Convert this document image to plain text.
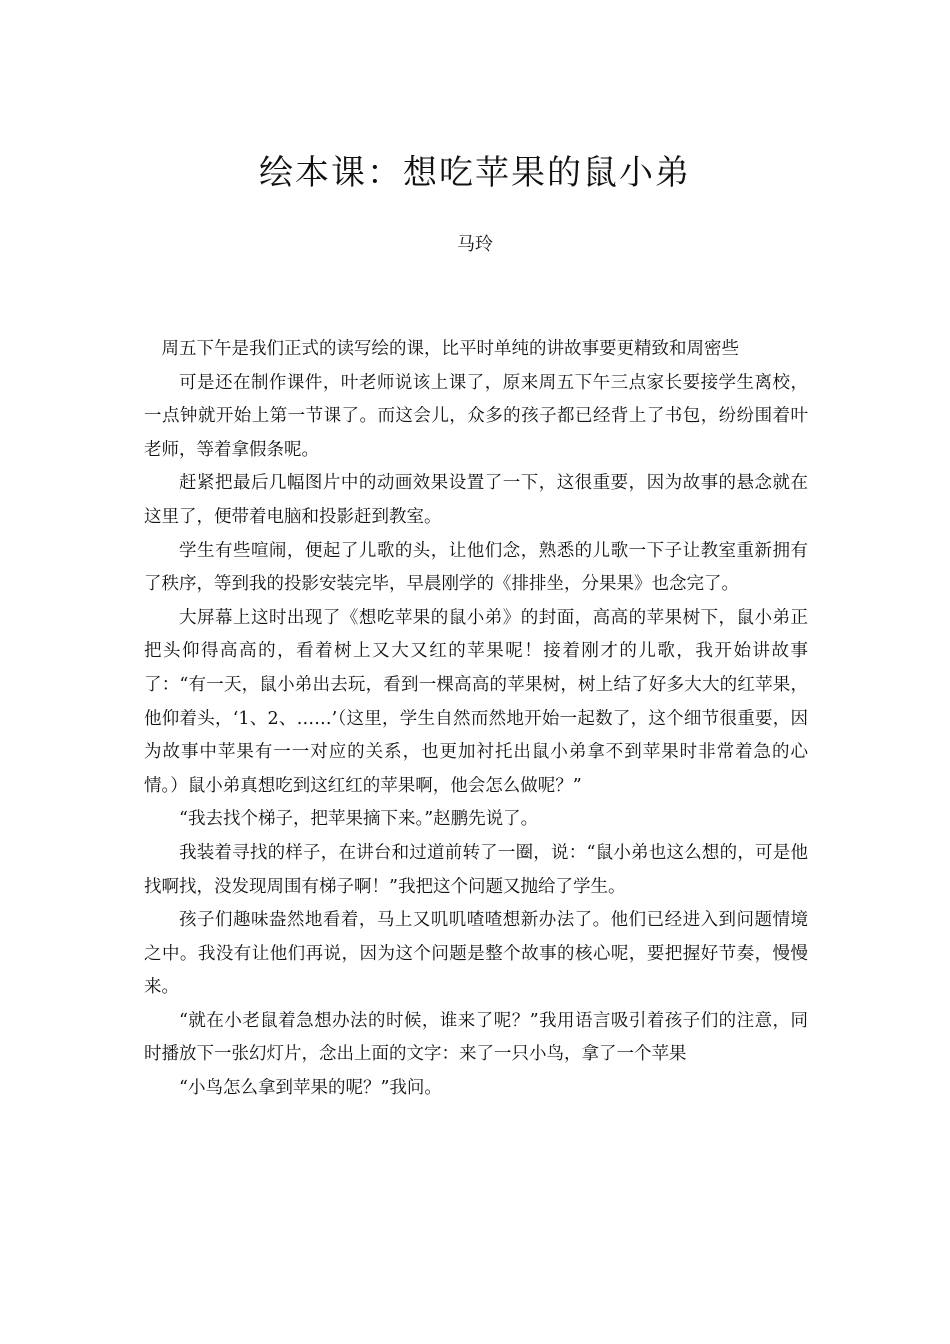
绘本课：想吃苹果的鼠小弟
马玲

周五下午是我们正式的读写绘的课，比平时单纯的讲故事要更精致和周密些

可是还在制作课件，叶老师说该上课了，原来周五下午三点家长要接学生离校，一点钟就开始上第一节课了。而这会儿，众多的孩子都已经背上了书包，纷纷围着叶老师，等着拿假条呢。

赶紧把最后几幅图片中的动画效果设置了一下，这很重要，因为故事的悬念就在这里了，便带着电脑和投影赶到教室。

学生有些喧闹，便起了儿歌的头，让他们念，熟悉的儿歌一下子让教室重新拥有了秩序，等到我的投影安装完毕，早晨刚学的《排排坐，分果果》也念完了。

大屏幕上这时出现了《想吃苹果的鼠小弟》的封面，高高的苹果树下，鼠小弟正把头仰得高高的，看着树上又大又红的苹果呢！接着刚才的儿歌，我开始讲故事了：“有一天，鼠小弟出去玩，看到一棵高高的苹果树，树上结了好多大大的红苹果，他仰着头，‘1、2、……’（这里，学生自然而然地开始一起数了，这个细节很重要，因为故事中苹果有一一对应的关系，也更加衬托出鼠小弟拿不到苹果时非常着急的心情。）鼠小弟真想吃到这红红的苹果啊，他会怎么做呢？”

“我去找个梯子，把苹果摘下来。”赵鹏先说了。

我装着寻找的样子，在讲台和过道前转了一圈，说：“鼠小弟也这么想的，可是他找啊找，没发现周围有梯子啊！”我把这个问题又抛给了学生。

孩子们趣味盎然地看着，马上又叽叽喳喳想新办法了。他们已经进入到问题情境之中。我没有让他们再说，因为这个问题是整个故事的核心呢，要把握好节奏，慢慢来。

“就在小老鼠着急想办法的时候，谁来了呢？”我用语言吸引着孩子们的注意，同时播放下一张幻灯片，念出上面的文字：来了一只小鸟，拿了一个苹果

“小鸟怎么拿到苹果的呢？”我问。
